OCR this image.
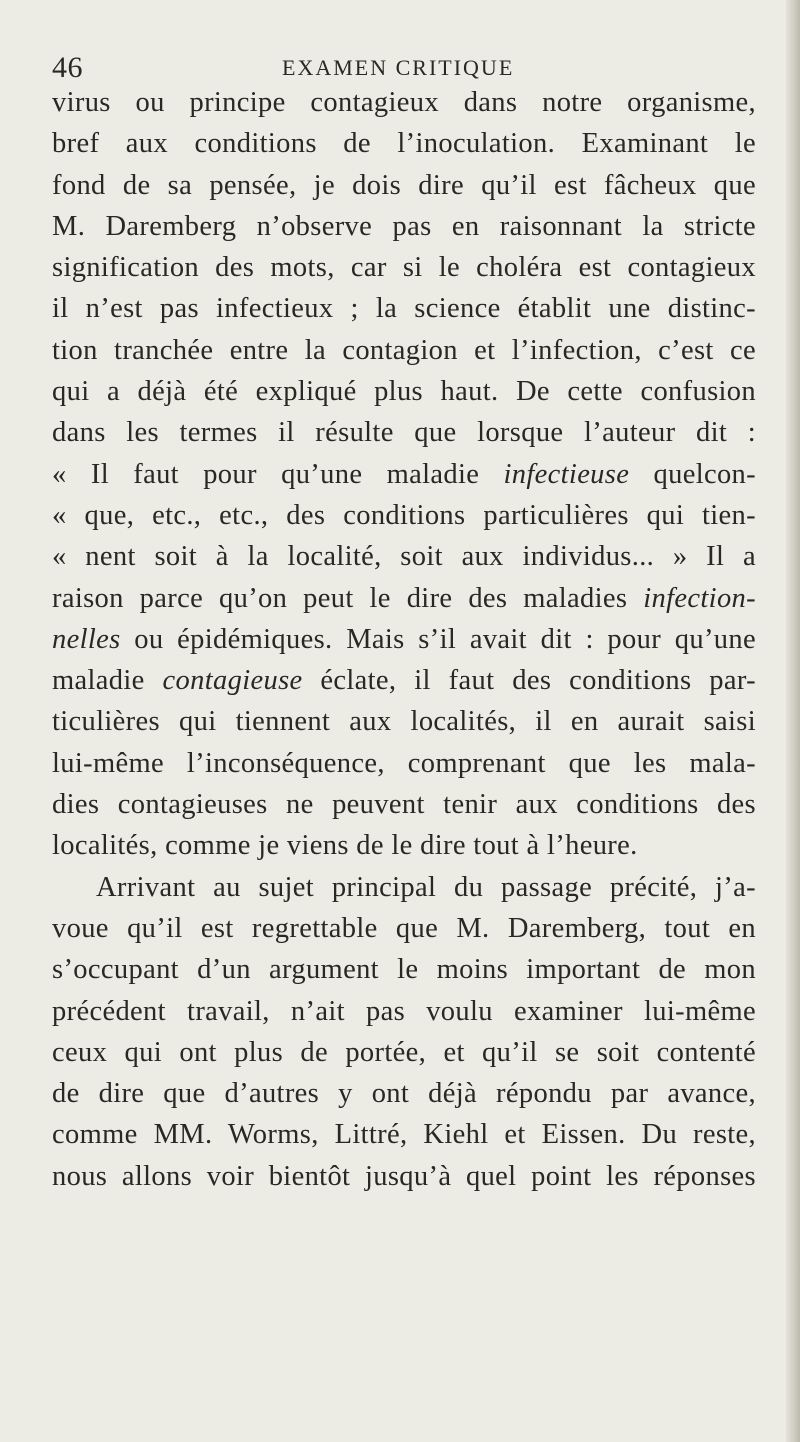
46	EXAMEN CRITIQUE
virus ou principe contagieux dans notre organisme,
bref aux conditions de l’inoculation. Examinant le
fond de sa pensée, je dois dire qu’il est fâcheux que
M. Daremberg n’observe pas en raisonnant la stricte
signification des mots, car si le choléra est contagieux
il n’est pas infectieux ; la science établit une distinc-
tion tranchée entre la contagion et l’infection, c’est ce
qui a déjà été expliqué plus haut. De cette confusion
dans les termes il résulte que lorsque l’auteur dit :
« Il faut pour qu’une maladie infectieuse quelcon-
« que, etc., etc., des conditions particulières qui tien-
« nent soit à la localité, soit aux individus... » Il a
raison parce qu’on peut le dire des maladies infection-
nelles ou épidémiques. Mais s’il avait dit : pour qu’une
maladie contagieuse éclate, il faut des conditions par-
ticulières qui tiennent aux localités, il en aurait saisi
lui-même l’inconséquence, comprenant que les mala-
dies contagieuses ne peuvent tenir aux conditions des
localités, comme je viens de le dire tout à l’heure.
Arrivant au sujet principal du passage précité, j’a-
voue qu’il est regrettable que M. Daremberg, tout en
s’occupant d’un argument le moins important de mon
précédent travail, n’ait pas voulu examiner lui-même
ceux qui ont plus de portée, et qu’il se soit contenté
de dire que d’autres y ont déjà répondu par avance,
comme MM. Worms, Littré, Kiehl et Eissen. Du reste,
nous allons voir bientôt jusqu’à quel point les réponses
